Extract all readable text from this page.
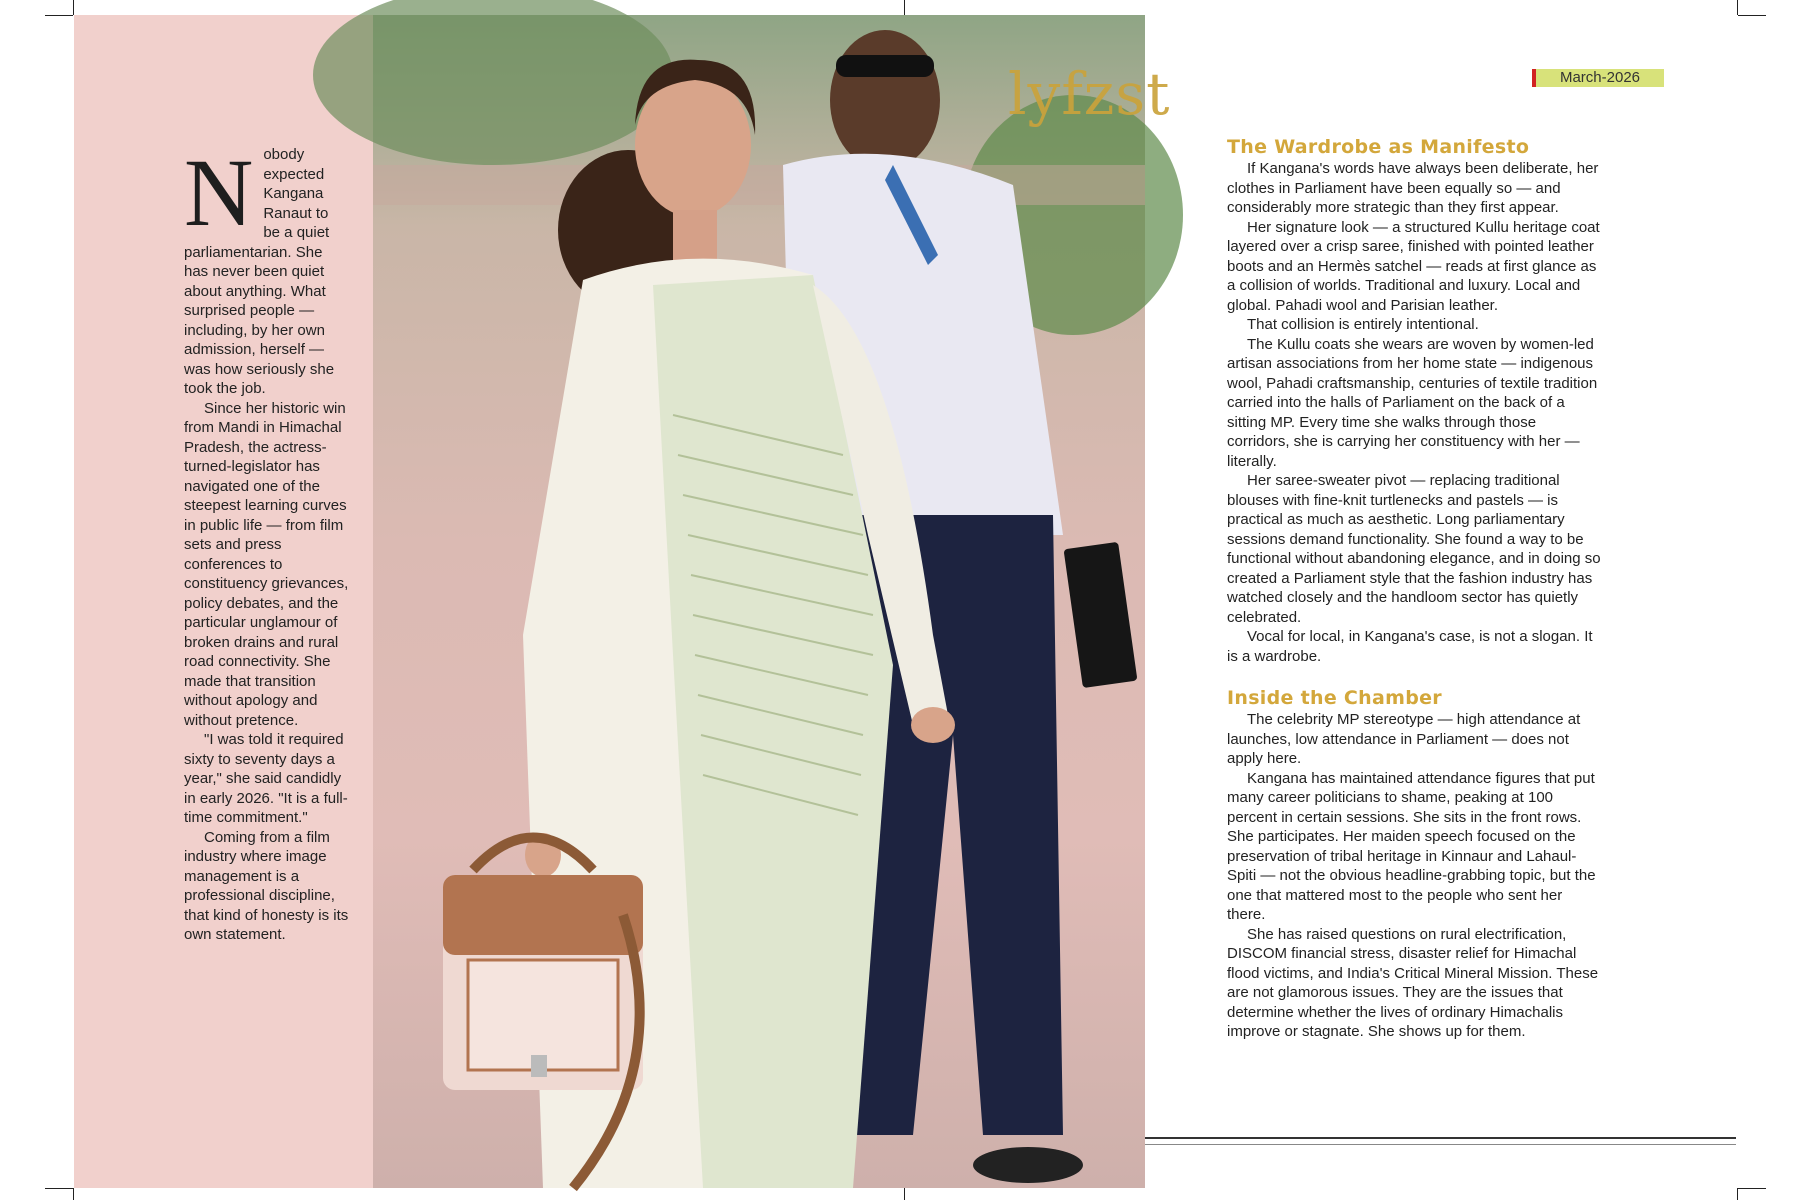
lyfzst
N obody expected Kangana Ranaut to be a quiet parliamentarian. She has never been quiet about anything. What surprised people — including, by her own admission, herself — was how seriously she took the job.

Since her historic win from Mandi in Himachal Pradesh, the actress-turned-legislator has navigated one of the steepest learning curves in public life — from film sets and press conferences to constituency grievances, policy debates, and the particular unglamour of broken drains and rural road connectivity. She made that transition without apology and without pretence.

"I was told it required sixty to seventy days a year," she said candidly in early 2026. "It is a full-time commitment."

Coming from a film industry where image management is a professional discipline, that kind of honesty is its own statement.

March-2026
The Wardrobe as Manifesto

If Kangana's words have always been deliberate, her clothes in Parliament have been equally so — and considerably more strategic than they first appear.

Her signature look — a structured Kullu heritage coat layered over a crisp saree, finished with pointed leather boots and an Hermès satchel — reads at first glance as a collision of worlds. Traditional and luxury. Local and global. Pahadi wool and Parisian leather.

That collision is entirely intentional.

The Kullu coats she wears are woven by women-led artisan associations from her home state — indigenous wool, Pahadi craftsmanship, centuries of textile tradition carried into the halls of Parliament on the back of a sitting MP. Every time she walks through those corridors, she is carrying her constituency with her — literally.

Her saree-sweater pivot — replacing traditional blouses with fine-knit turtlenecks and pastels — is practical as much as aesthetic. Long parliamentary sessions demand functionality. She found a way to be functional without abandoning elegance, and in doing so created a Parliament style that the fashion industry has watched closely and the handloom sector has quietly celebrated.

Vocal for local, in Kangana's case, is not a slogan. It is a wardrobe.

Inside the Chamber

The celebrity MP stereotype — high attendance at launches, low attendance in Parliament — does not apply here.

Kangana has maintained attendance figures that put many career politicians to shame, peaking at 100 percent in certain sessions. She sits in the front rows. She participates. Her maiden speech focused on the preservation of tribal heritage in Kinnaur and Lahaul-Spiti — not the obvious headline-grabbing topic, but the one that mattered most to the people who sent her there.

She has raised questions on rural electrification, DISCOM financial stress, disaster relief for Himachal flood victims, and India's Critical Mineral Mission. These are not glamorous issues. They are the issues that determine whether the lives of ordinary Himachalis improve or stagnate. She shows up for them.
